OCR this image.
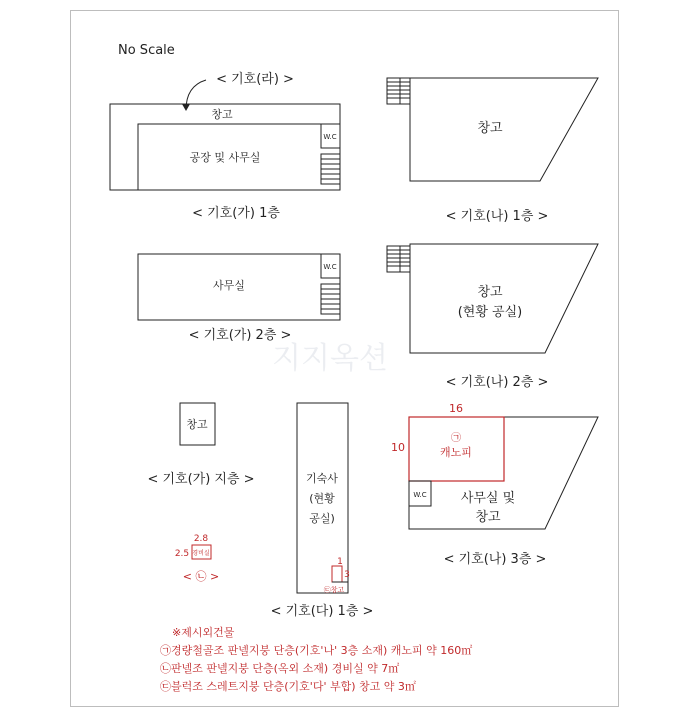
지지옥션
No Scale
< 기호(라) >
창고
공장 및 사무실
W.C
< 기호(가) 1층
창고
< 기호(나) 1층 >
사무실
W.C
< 기호(가) 2층 >
창고
(현황 공실)
< 기호(나) 2층 >
창고
< 기호(가) 지층 >	기숙사
(현황
공실)
1
3
㉢창고
< 기호(다) 1층 >
16
10
㉠
캐노피
W.C	사무실 및
창고
< 기호(나) 3층 >
2.8
2.5 경비실
< ㉡ >
※제시외건물
㉠경량철골조 판넬지붕 단층(기호'나' 3층 소재) 캐노피 약 160㎡
㉡판넬조 판넬지붕 단층(옥외 소재) 경비실 약 7㎡
㉢블럭조 스레트지붕 단층(기호'다' 부합) 창고 약 3㎡
